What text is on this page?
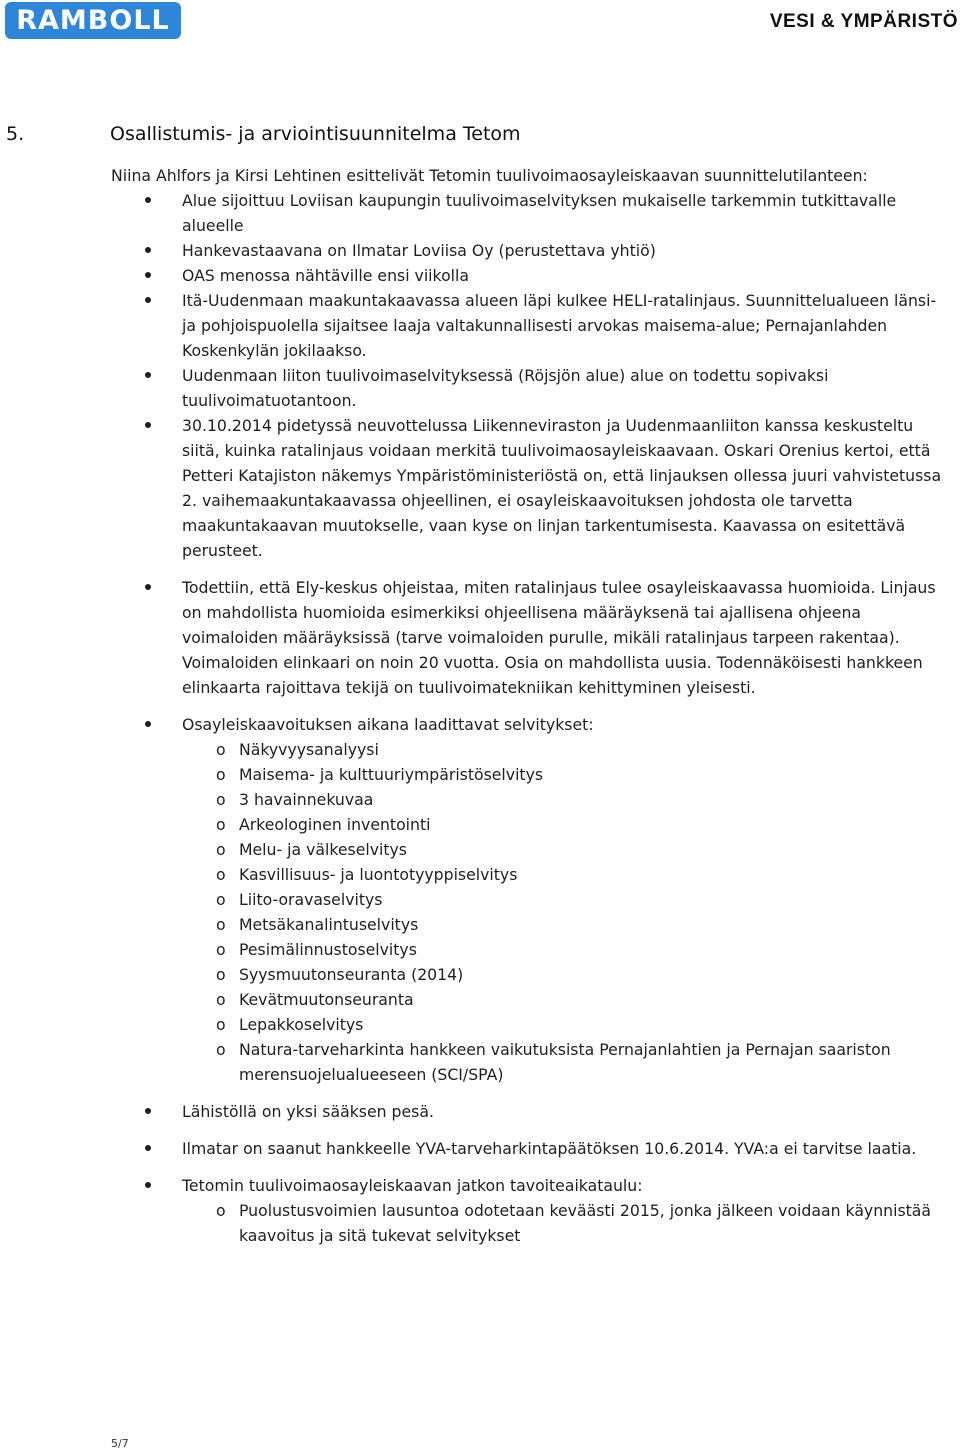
RAMBOLL	VESI & YMPÄRISTÖ
5.	Osallistumis- ja arviointisuunnitelma Tetom

Niina Ahlfors ja Kirsi Lehtinen esittelivät Tetomin tuulivoimaosayleiskaavan suunnittelutilanteen:

Alue sijoittuu Loviisan kaupungin tuulivoimaselvityksen mukaiselle tarkemmin tutkittavalle alueelle
Hankevastaavana on Ilmatar Loviisa Oy (perustettava yhtiö)
OAS menossa nähtäville ensi viikolla
Itä-Uudenmaan maakuntakaavassa alueen läpi kulkee HELI-ratalinjaus. Suunnittelualueen länsi- ja pohjoispuolella sijaitsee laaja valtakunnallisesti arvokas maisema-alue; Pernajanlahden Koskenkylän jokilaakso.
Uudenmaan liiton tuulivoimaselvityksessä (Röjsjön alue) alue on todettu sopivaksi tuulivoimatuotantoon.
30.10.2014 pidetyssä neuvottelussa Liikenneviraston ja Uudenmaanliiton kanssa keskusteltu siitä, kuinka ratalinjaus voidaan merkitä tuulivoimaosayleiskaavaan. Oskari Orenius kertoi, että Petteri Katajiston näkemys Ympäristöministeriöstä on, että linjauksen ollessa juuri vahvistetussa 2. vaihemaakuntakaavassa ohjeellinen, ei osayleiskaavoituksen johdosta ole tarvetta maakuntakaavan muutokselle, vaan kyse on linjan tarkentumisesta. Kaavassa on esitettävä perusteet.
Todettiin, että Ely-keskus ohjeistaa, miten ratalinjaus tulee osayleiskaavassa huomioida. Linjaus on mahdollista huomioida esimerkiksi ohjeellisena määräyksenä tai ajallisena ohjeena voimaloiden määräyksissä (tarve voimaloiden purulle, mikäli ratalinjaus tarpeen rakentaa). Voimaloiden elinkaari on noin 20 vuotta. Osia on mahdollista uusia. Todennäköisesti hankkeen elinkaarta rajoittava tekijä on tuulivoimatekniikan kehittyminen yleisesti.
Osayleiskaavoituksen aikana laadittavat selvitykset:
o Näkyvyysanalyysi
o Maisema- ja kulttuuriympäristöselvitys
o 3 havainnekuvaa
o Arkeologinen inventointi
o Melu- ja välkeselvitys
o Kasvillisuus- ja luontotyyppiselvitys
o Liito-oravaselvitys
o Metsäkanalintuselvitys
o Pesimälinnustoselvitys
o Syysmuutonseuranta (2014)
o Kevätmuutonseuranta
o Lepakkoselvitys
o Natura-tarveharkinta hankkeen vaikutuksista Pernajanlahtien ja Pernajan saariston merensuojelualueeseen (SCI/SPA)
Lähistöllä on yksi sääksen pesä.
Ilmatar on saanut hankkeelle YVA-tarveharkintapäätöksen 10.6.2014. YVA:a ei tarvitse laatia.
Tetomin tuulivoimaosayleiskaavan jatkon tavoiteaikataulu:
o Puolustusvoimien lausuntoa odotetaan keväästi 2015, jonka jälkeen voidaan käynnistää kaavoitus ja sitä tukevat selvitykset
5/7
